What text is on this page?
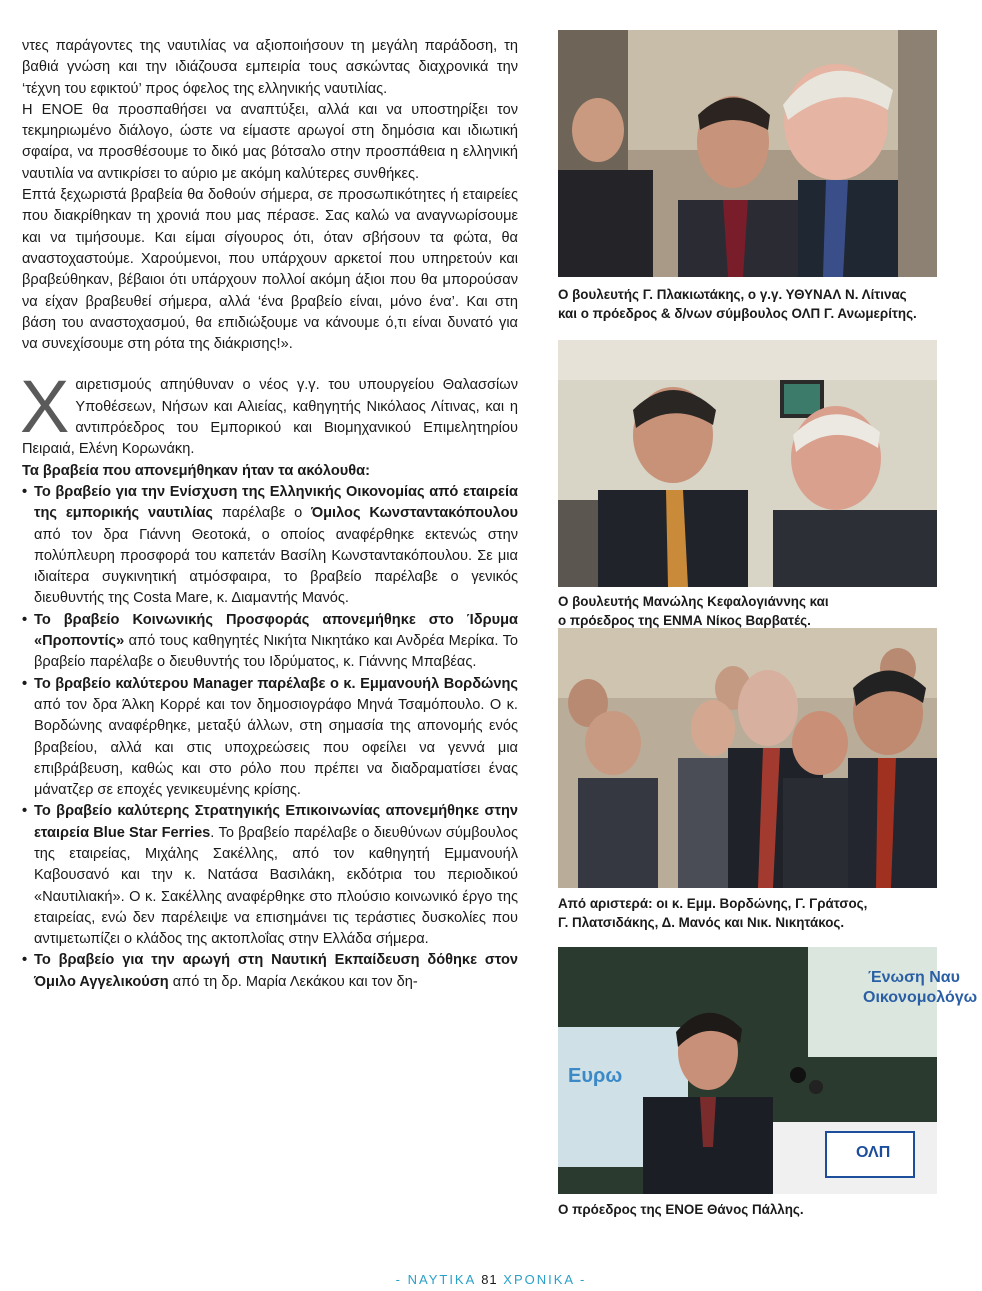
ντες παράγοντες της ναυτιλίας να αξιοποιήσουν τη μεγάλη παράδοση, τη βαθιά γνώση και την ιδιάζουσα εμπειρία τους ασκώντας διαχρονικά την ‘τέχνη του εφικτού’ προς όφελος της ελληνικής ναυτιλίας.

Η ΕΝΟΕ θα προσπαθήσει να αναπτύξει, αλλά και να υποστηρίξει τον τεκμηριωμένο διάλογο, ώστε να είμαστε αρωγοί στη δημόσια και ιδιωτική σφαίρα, να προσθέσουμε το δικό μας βότσαλο στην προσπάθεια η ελληνική ναυτιλία να αντικρίσει το αύριο με ακόμη καλύτερες συνθήκες.

Επτά ξεχωριστά βραβεία θα δοθούν σήμερα, σε προσωπικότητες ή εταιρείες που διακρίθηκαν τη χρονιά που μας πέρασε. Σας καλώ να αναγνωρίσουμε και να τιμήσουμε. Και είμαι σίγουρος ότι, όταν σβήσουν τα φώτα, θα αναστοχαστούμε. Χαρούμενοι, που υπάρχουν αρκετοί που υπηρετούν και βραβεύθηκαν, βέβαιοι ότι υπάρχουν πολλοί ακόμη άξιοι που θα μπορούσαν να είχαν βραβευθεί σήμερα, αλλά ‘ένα βραβείο είναι, μόνο ένα’. Και στη βάση του αναστοχασμού, θα επιδιώξουμε να κάνουμε ό,τι είναι δυνατό για να συνεχίσουμε στη ρότα της διάκρισης!».

Χαιρετισμούς απηύθυναν ο νέος γ.γ. του υπουργείου Θαλασσίων Υποθέσεων, Νήσων και Αλιείας, καθηγητής Νικόλαος Λίτινας, και η αντιπρόεδρος του Εμπορικού και Βιομηχανικού Επιμελητηρίου Πειραιά, Ελένη Κορωνάκη.

Τα βραβεία που απονεμήθηκαν ήταν τα ακόλουθα:

• Το βραβείο για την Ενίσχυση της Ελληνικής Οικονομίας από εταιρεία της εμπορικής ναυτιλίας παρέλαβε ο Όμιλος Κωνσταντακόπουλου από τον δρα Γιάννη Θεοτοκά, ο οποίος αναφέρθηκε εκτενώς στην πολύπλευρη προσφορά του καπετάν Βασίλη Κωνσταντακόπουλου. Σε μια ιδιαίτερα συγκινητική ατμόσφαιρα, το βραβείο παρέλαβε ο γενικός διευθυντής της Costa Mare, κ. Διαμαντής Μανός.

• Το βραβείο Κοινωνικής Προσφοράς απονεμήθηκε στο Ίδρυμα «Προποντίς» από τους καθηγητές Νικήτα Νικητάκο και Ανδρέα Μερίκα. Το βραβείο παρέλαβε ο διευθυντής του Ιδρύματος, κ. Γιάννης Μπαβέας.

• Το βραβείο καλύτερου Manager παρέλαβε ο κ. Εμμανουήλ Βορδώνης από τον δρα Άλκη Κορρέ και τον δημοσιογράφο Μηνά Τσαμόπουλο. Ο κ. Βορδώνης αναφέρθηκε, μεταξύ άλλων, στη σημασία της απονομής ενός βραβείου, αλλά και στις υποχρεώσεις που οφείλει να γεννά μια επιβράβευση, καθώς και στο ρόλο που πρέπει να διαδραματίσει ένας μάνατζερ σε εποχές γενικευμένης κρίσης.

• Το βραβείο καλύτερης Στρατηγικής Επικοινωνίας απονεμήθηκε στην εταιρεία Blue Star Ferries. Το βραβείο παρέλαβε ο διευθύνων σύμβουλος της εταιρείας, Μιχάλης Σακέλλης, από τον καθηγητή Εμμανουήλ Καβουσανό και την κ. Νατάσα Βασιλάκη, εκδότρια του περιοδικού «Ναυτιλιακή». Ο κ. Σακέλλης αναφέρθηκε στο πλούσιο κοινωνικό έργο της εταιρείας, ενώ δεν παρέλειψε να επισημάνει τις τεράστιες δυσκολίες που αντιμετωπίζει ο κλάδος της ακτοπλοΐας στην Ελλάδα σήμερα.

• Το βραβείο για την αρωγή στη Ναυτική Εκπαίδευση δόθηκε στον Όμιλο Αγγελικούση από τη δρ. Μαρία Λεκάκου και τον δη-

Ο βουλευτής Γ. Πλακιωτάκης, ο γ.γ. ΥΘΥΝΑΛ Ν. Λίτινας
και ο πρόεδρος & δ/νων σύμβουλος ΟΛΠ Γ. Ανωμερίτης.
Ο βουλευτής Μανώλης Κεφαλογιάννης και
ο πρόεδρος της ΕΝΜΑ Νίκος Βαρβατές.
Από αριστερά: οι κ. Εμμ. Βορδώνης, Γ. Γράτσος,
Γ. Πλατσιδάκης, Δ. Μανός και Νικ. Νικητάκος.
Ένωση Ναυ
Οικονομολόγω
Ευρω
ΟΛΠ
Ο πρόεδρος της ΕΝΟΕ Θάνος Πάλλης.
- ΝΑΥΤΙΚΑ 81 ΧΡΟΝΙΚΑ -
